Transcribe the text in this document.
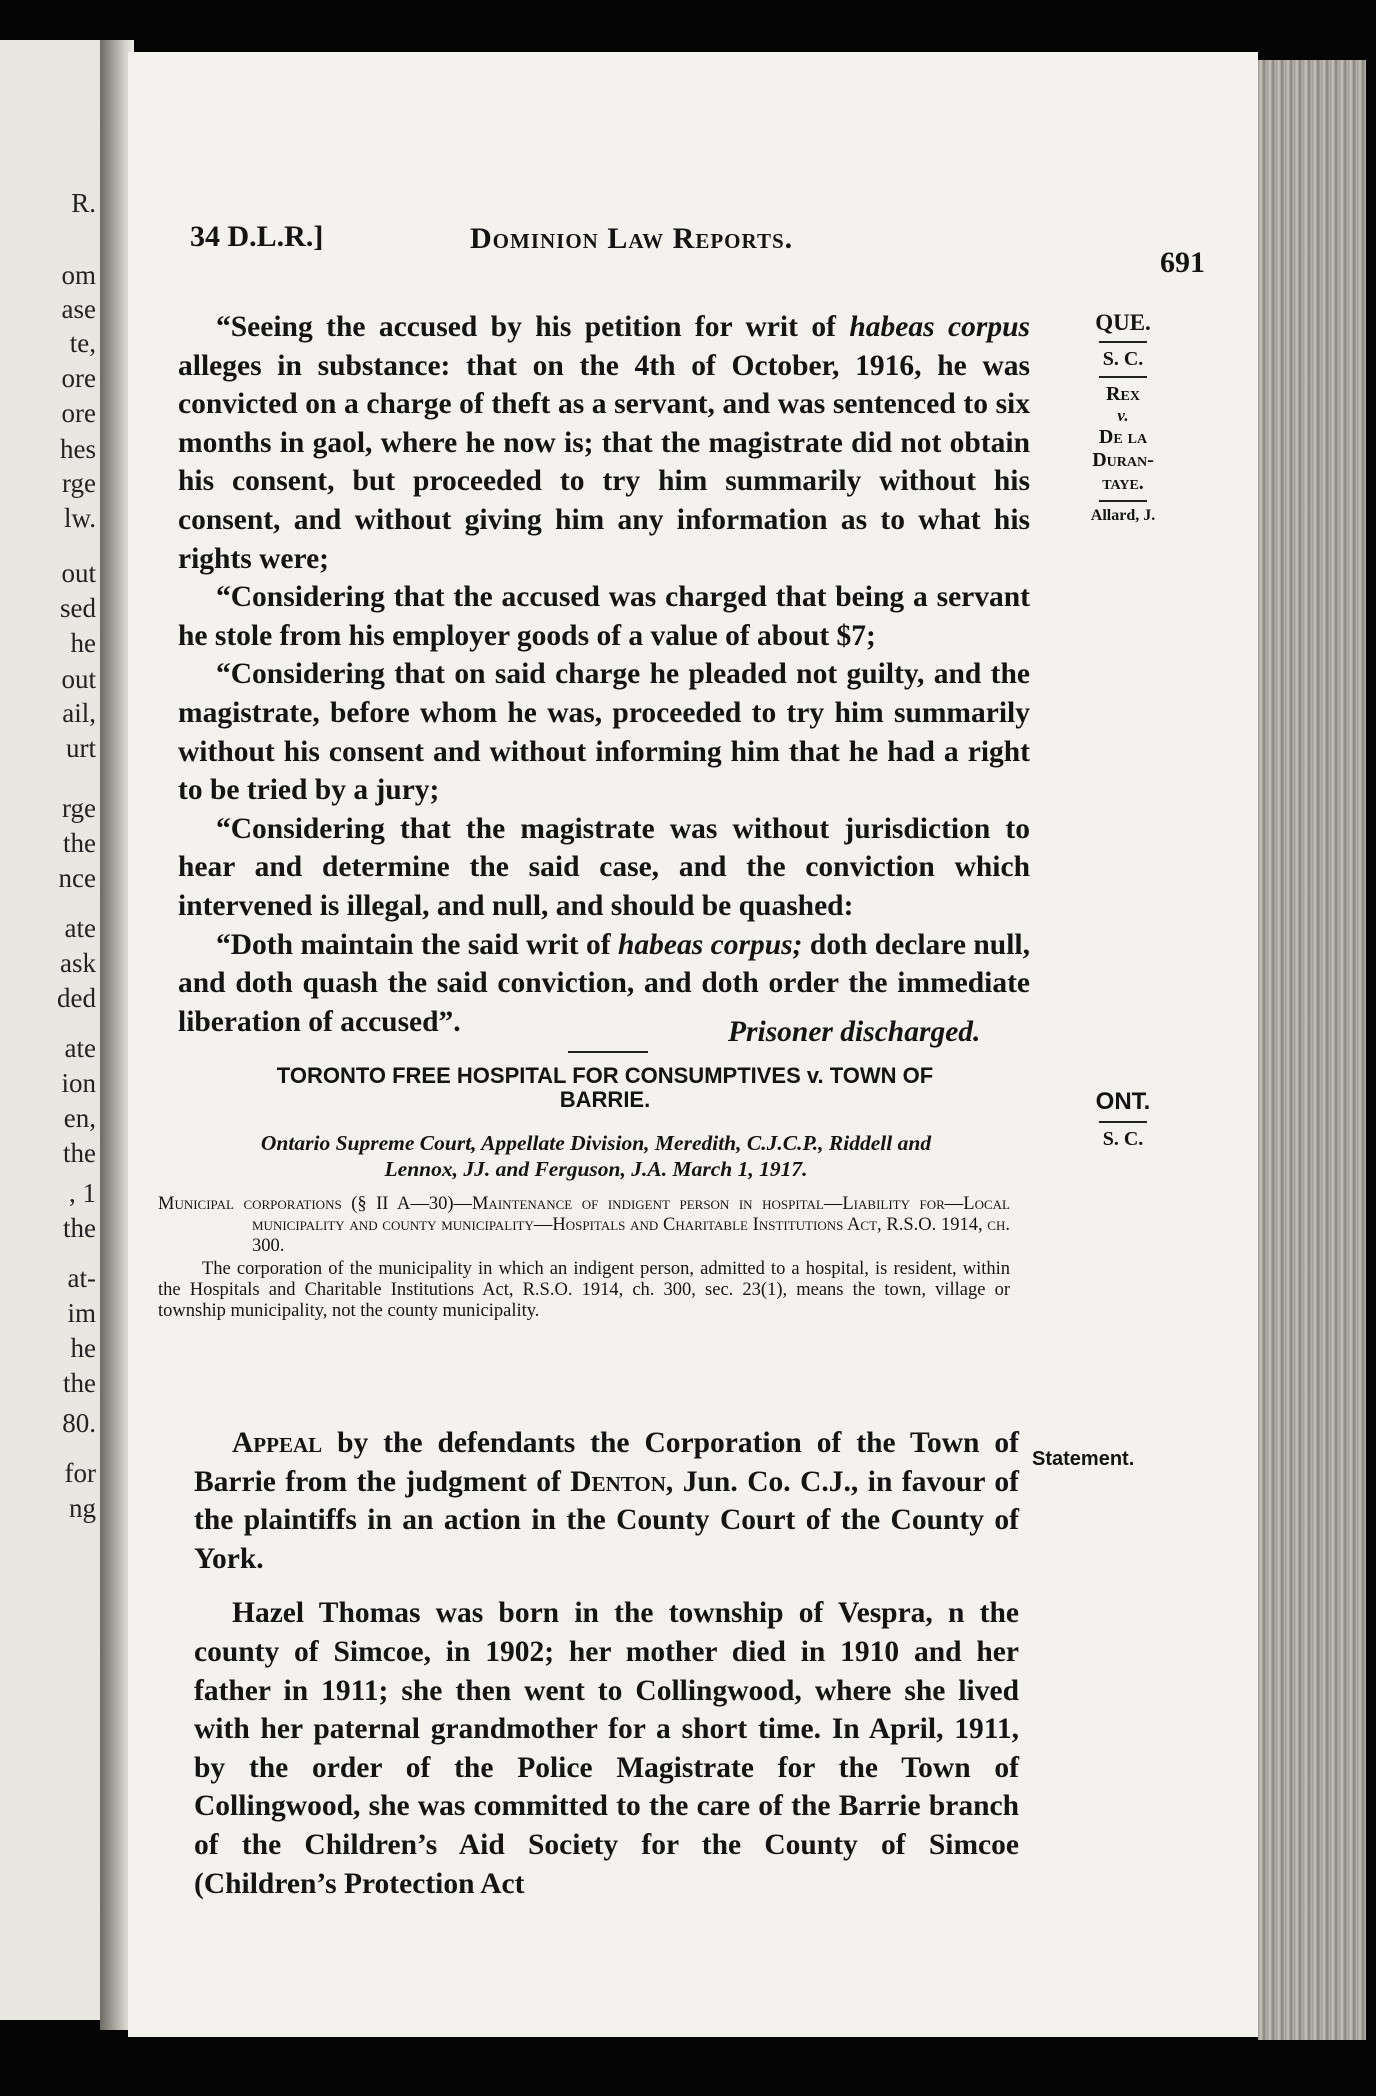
R.
om
ase
te,
ore
ore
hes
rge
lw.
out
sed
he
out
ail,
urt
rge
the
nce
ate
ask
ded
ate
ion
en,
the
, 1
the
at-
im
he
the
80.
for
ng
34 D.L.R.]	Dominion Law Reports.
691
QUE.
S. C.
Rex
v.
De la
Duran-
taye.
Allard, J.

“Seeing the accused by his petition for writ of habeas corpus alleges in substance: that on the 4th of October, 1916, he was convicted on a charge of theft as a servant, and was sentenced to six months in gaol, where he now is; that the magistrate did not obtain his consent, but proceeded to try him summarily without his consent, and without giving him any information as to what his rights were;

“Considering that the accused was charged that being a servant he stole from his employer goods of a value of about $7;

“Considering that on said charge he pleaded not guilty, and the magistrate, before whom he was, proceeded to try him summarily without his consent and without informing him that he had a right to be tried by a jury;

“Considering that the magistrate was without jurisdiction to hear and determine the said case, and the conviction which intervened is illegal, and null, and should be quashed:

“Doth maintain the said writ of habeas corpus; doth declare null, and doth quash the said conviction, and doth order the immediate liberation of accused”.	Prisoner discharged.
TORONTO FREE HOSPITAL FOR CONSUMPTIVES v. TOWN OF
BARRIE.	ONT.
S. C.
Ontario Supreme Court, Appellate Division, Meredith, C.J.C.P., Riddell and
Lennox, JJ. and Ferguson, J.A. March 1, 1917.

Municipal corporations (§ II A—30)—Maintenance of indigent person in hospital—Liability for—Local municipality and county municipality—Hospitals and Charitable Institutions Act, R.S.O. 1914, ch. 300.

The corporation of the municipality in which an indigent person, admitted to a hospital, is resident, within the Hospitals and Charitable Institutions Act, R.S.O. 1914, ch. 300, sec. 23(1), means the town, village or township municipality, not the county municipality.

Statement.

Appeal by the defendants the Corporation of the Town of Barrie from the judgment of Denton, Jun. Co. C.J., in favour of the plaintiffs in an action in the County Court of the County of York.

Hazel Thomas was born in the township of Vespra, n the county of Simcoe, in 1902; her mother died in 1910 and her father in 1911; she then went to Collingwood, where she lived with her paternal grandmother for a short time. In April, 1911, by the order of the Police Magistrate for the Town of Collingwood, she was committed to the care of the Barrie branch of the Children’s Aid Society for the County of Simcoe (Children’s Protection Act
